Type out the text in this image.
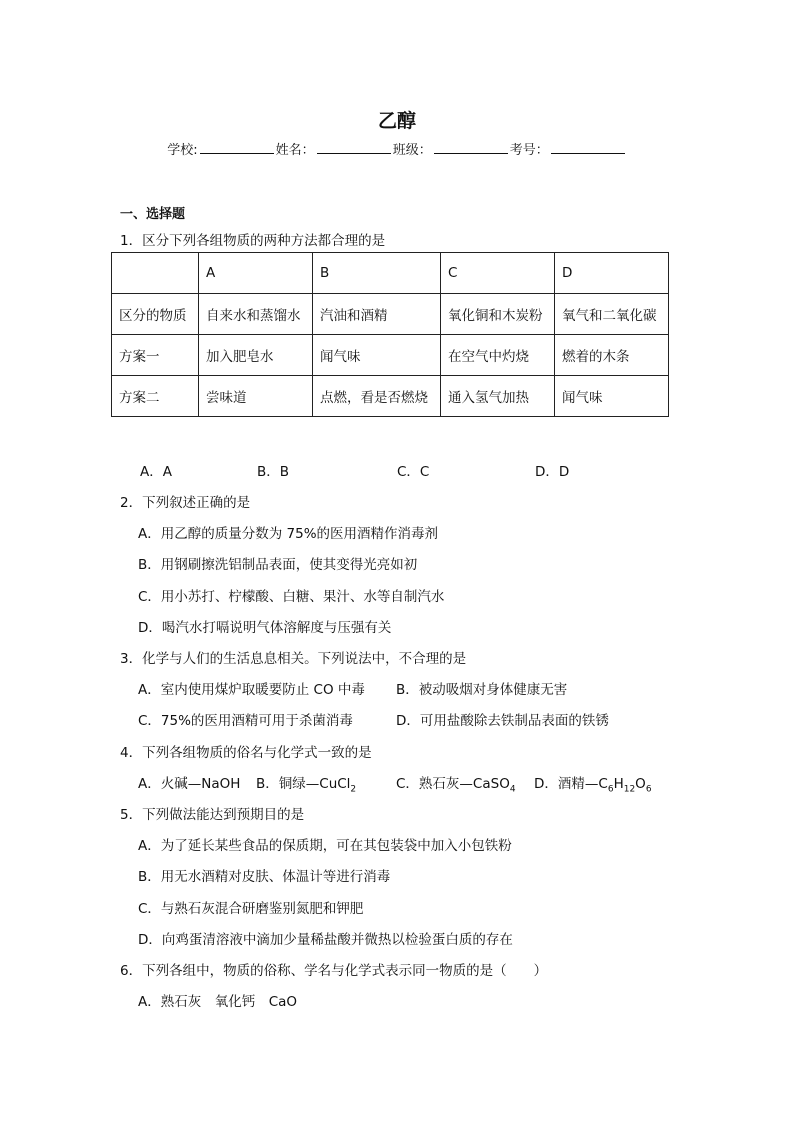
乙醇
学校:	姓名：	班级：	考号：
一、选择题
1．区分下列各组物质的两种方法都合理的是
	A	B	C	D
区分的物质	自来水和蒸馏水	汽油和酒精	氧化铜和木炭粉	氧气和二氧化碳
方案一	加入肥皂水	闻气味	在空气中灼烧	燃着的木条
方案二	尝味道	点燃，看是否燃烧	通入氢气加热	闻气味
A．A	B．B	C．C	D．D
2．下列叙述正确的是
A．用乙醇的质量分数为 75%的医用酒精作消毒剂
B．用钢刷擦洗铝制品表面，使其变得光亮如初
C．用小苏打、柠檬酸、白糖、果汁、水等自制汽水
D．喝汽水打嗝说明气体溶解度与压强有关
3．化学与人们的生活息息相关。下列说法中，不合理的是
A．室内使用煤炉取暖要防止 CO 中毒 B．被动吸烟对身体健康无害
C．75%的医用酒精可用于杀菌消毒	D．可用盐酸除去铁制品表面的铁锈
4．下列各组物质的俗名与化学式一致的是
A．火碱—NaOH B．铜绿—CuCl$_2$	C．熟石灰—CaSO$_4$ D．酒精$—C_6H_{12}O_6$
5．下列做法能达到预期目的是
A．为了延长某些食品的保质期，可在其包装袋中加入小包铁粉
B．用无水酒精对皮肤、体温计等进行消毒
C．与熟石灰混合研磨鉴别氮肥和钾肥
D．向鸡蛋清溶液中滴加少量稀盐酸并微热以检验蛋白质的存在
6．下列各组中，物质的俗称、学名与化学式表示同一物质的是（　　）
A．熟石灰　氧化钙　CaO
